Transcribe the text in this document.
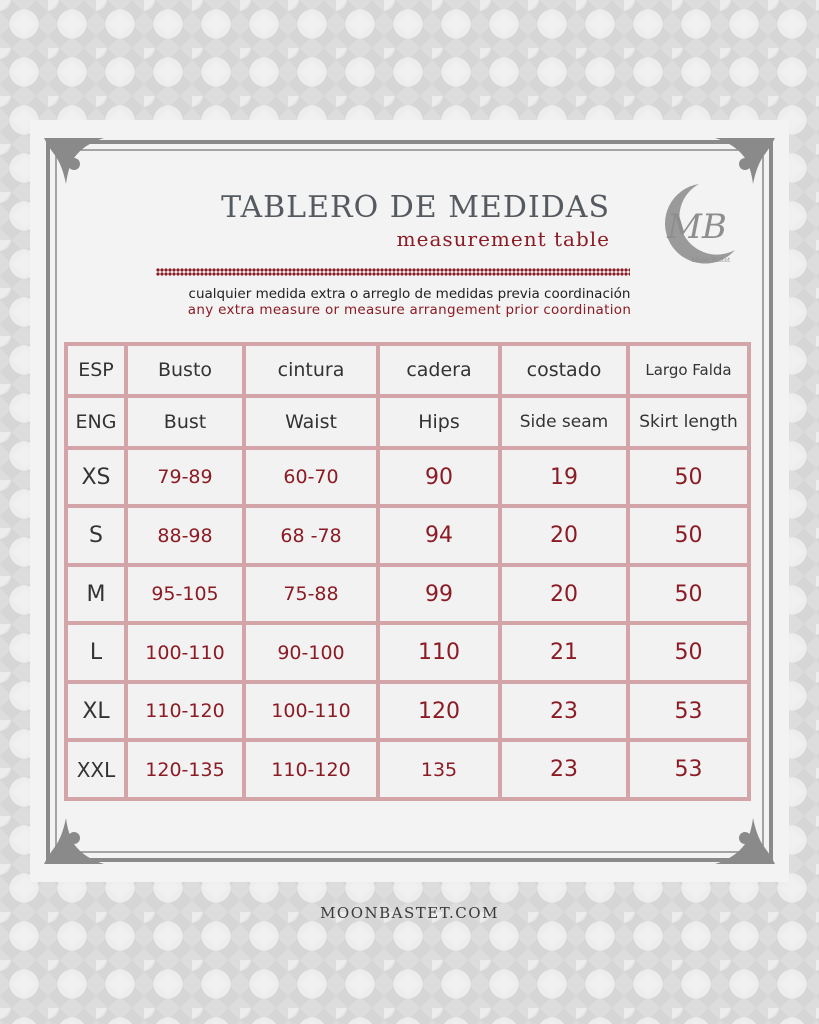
TABLERO DE MEDIDAS
measurement table MB
Moon Bastet
cualquier medida extra o arreglo de medidas previa coordinación
any extra measure or measure arrangement prior coordination
ESP	Busto	cintura	cadera	costado	Largo Falda
ENG	Bust	Waist	Hips	Side seam	Skirt length
XS	79-89	60-70	90	19	50
S	88-98	68 -78	94	20	50
M	95-105	75-88	99	20	50
L	100-110	90-100	110	21	50
XL	110-120	100-110	120	23	53
XXL	120-135	110-120	135	23	53
MOONBASTET.COM
